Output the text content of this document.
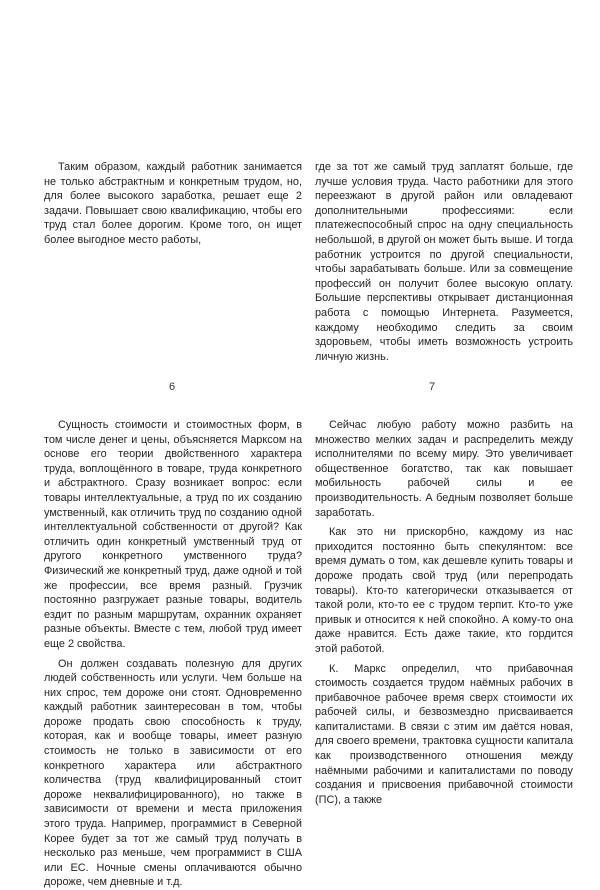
Таким образом, каждый работник занимается не только абстрактным и конкретным трудом, но, для более высокого заработка, решает еще 2 задачи. Повышает свою квалификацию, чтобы его труд стал более дорогим. Кроме того, он ищет более выгодное место работы,

где за тот же самый труд заплатят больше, где лучше условия труда. Часто работники для этого переезжают в другой район или овладевают дополнительными профессиями: если платежеспособный спрос на одну специальность небольшой, в другой он может быть выше. И тогда работник устроится по другой специальности, чтобы зарабатывать больше. Или за совмещение профессий он получит более высокую оплату. Большие перспективы открывает дистанционная работа с помощью Интернета. Разумеется, каждому необходимо следить за своим здоровьем, чтобы иметь возможность устроить личную жизнь.

6	7

Сущность стоимости и стоимостных форм, в том числе денег и цены, объясняется Марксом на основе его теории двойственного характера труда, воплощённого в товаре, труда конкретного и абстрактного. Сразу возникает вопрос: если товары интеллектуальные, а труд по их созданию умственный, как отличить труд по созданию одной интеллектуальной собственности от другой? Как отличить один конкретный умственный труд от другого конкретного умственного труда? Физический же конкретный труд, даже одной и той же профессии, все время разный. Грузчик постоянно разгружает разные товары, водитель ездит по разным маршрутам, охранник охраняет разные объекты. Вместе с тем, любой труд имеет еще 2 свойства.

Он должен создавать полезную для других людей собственность или услуги. Чем больше на них спрос, тем дороже они стоят. Одновременно каждый работник заинтересован в том, чтобы дороже продать свою способность к труду, которая, как и вообще товары, имеет разную стоимость не только в зависимости от его конкретного характера или абстрактного количества (труд квалифицированный стоит дороже неквалифицированного), но также в зависимости от времени и места приложения этого труда. Например, программист в Северной Корее будет за тот же самый труд получать в несколько раз меньше, чем программист в США или ЕС. Ночные смены оплачиваются обычно дороже, чем дневные и т.д.

Сейчас любую работу можно разбить на множество мелких задач и распределить между исполнителями по всему миру. Это увеличивает общественное богатство, так как повышает мобильность рабочей силы и ее производительность. А бедным позволяет больше заработать.

Как это ни прискорбно, каждому из нас приходится постоянно быть спекулянтом: все время думать о том, как дешевле купить товары и дороже продать свой труд (или перепродать товары). Кто-то категорически отказывается от такой роли, кто-то ее с трудом терпит. Кто-то уже привык и относится к ней спокойно. А кому-то она даже нравится. Есть даже такие, кто гордится этой работой.

К. Маркс определил, что прибавочная стоимость создается трудом наёмных рабочих в прибавочное рабочее время сверх стоимости их рабочей силы, и безвозмездно присваивается капиталистами. В связи с этим им даётся новая, для своего времени, трактовка сущности капитала как производственного отношения между наёмными рабочими и капиталистами по поводу создания и присвоения прибавочной стоимости (ПС), а также
